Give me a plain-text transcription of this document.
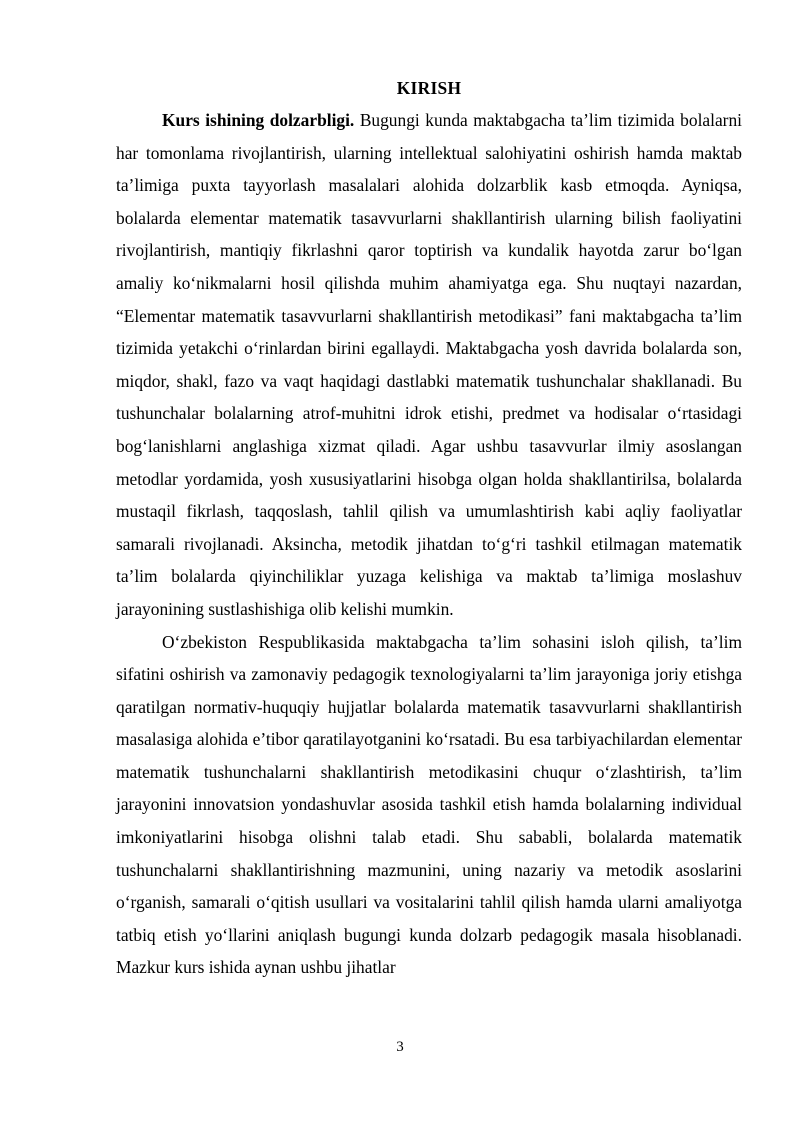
KIRISH

Kurs ishining dolzarbligi. Bugungi kunda maktabgacha ta’lim tizimida bolalarni har tomonlama rivojlantirish, ularning intellektual salohiyatini oshirish hamda maktab ta’limiga puxta tayyorlash masalalari alohida dolzarblik kasb etmoqda. Ayniqsa, bolalarda elementar matematik tasavvurlarni shakllantirish ularning bilish faoliyatini rivojlantirish, mantiqiy fikrlashni qaror toptirish va kundalik hayotda zarur bo‘lgan amaliy ko‘nikmalarni hosil qilishda muhim ahamiyatga ega. Shu nuqtayi nazardan, “Elementar matematik tasavvurlarni shakllantirish metodikasi” fani maktabgacha ta’lim tizimida yetakchi o‘rinlardan birini egallaydi. Maktabgacha yosh davrida bolalarda son, miqdor, shakl, fazo va vaqt haqidagi dastlabki matematik tushunchalar shakllanadi. Bu tushunchalar bolalarning atrof-muhitni idrok etishi, predmet va hodisalar o‘rtasidagi bog‘lanishlarni anglashiga xizmat qiladi. Agar ushbu tasavvurlar ilmiy asoslangan metodlar yordamida, yosh xususiyatlarini hisobga olgan holda shakllantirilsa, bolalarda mustaqil fikrlash, taqqoslash, tahlil qilish va umumlashtirish kabi aqliy faoliyatlar samarali rivojlanadi. Aksincha, metodik jihatdan to‘g‘ri tashkil etilmagan matematik ta’lim bolalarda qiyinchiliklar yuzaga kelishiga va maktab ta’limiga moslashuv jarayonining sustlashishiga olib kelishi mumkin.

O‘zbekiston Respublikasida maktabgacha ta’lim sohasini isloh qilish, ta’lim sifatini oshirish va zamonaviy pedagogik texnologiyalarni ta’lim jarayoniga joriy etishga qaratilgan normativ-huquqiy hujjatlar bolalarda matematik tasavvurlarni shakllantirish masalasiga alohida e’tibor qaratilayotganini ko‘rsatadi. Bu esa tarbiyachilardan elementar matematik tushunchalarni shakllantirish metodikasini chuqur o‘zlashtirish, ta’lim jarayonini innovatsion yondashuvlar asosida tashkil etish hamda bolalarning individual imkoniyatlarini hisobga olishni talab etadi. Shu sababli, bolalarda matematik tushunchalarni shakllantirishning mazmunini, uning nazariy va metodik asoslarini o‘rganish, samarali o‘qitish usullari va vositalarini tahlil qilish hamda ularni amaliyotga tatbiq etish yo‘llarini aniqlash bugungi kunda dolzarb pedagogik masala hisoblanadi. Mazkur kurs ishida aynan ushbu jihatlar

3
